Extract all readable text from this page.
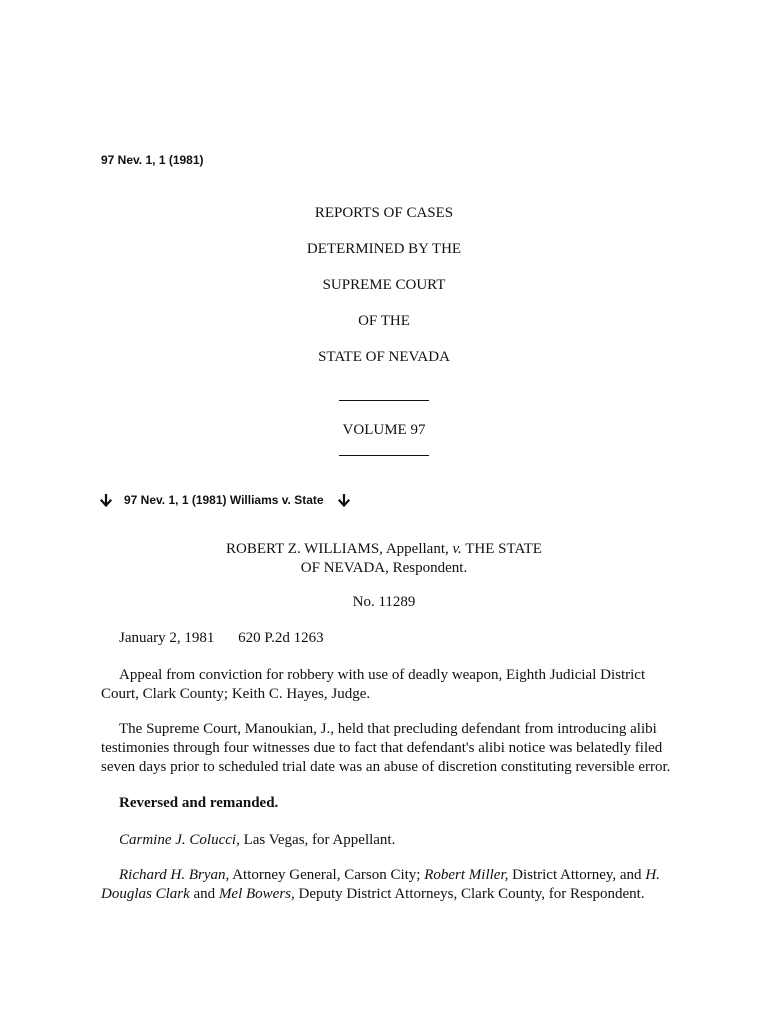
97 Nev. 1, 1 (1981)
REPORTS OF CASES
DETERMINED BY THE
SUPREME COURT
OF THE
STATE OF NEVADA
VOLUME 97
97 Nev. 1, 1 (1981) Williams v. State
ROBERT Z. WILLIAMS, Appellant, v. THE STATE
OF NEVADA, Respondent.
No. 11289
January 2, 1981 620 P.2d 1263
Appeal from conviction for robbery with use of deadly weapon, Eighth Judicial District Court, Clark County; Keith C. Hayes, Judge.
The Supreme Court, Manoukian, J., held that precluding defendant from introducing alibi testimonies through four witnesses due to fact that defendant's alibi notice was belatedly filed seven days prior to scheduled trial date was an abuse of discretion constituting reversible error.
Reversed and remanded.
Carmine J. Colucci, Las Vegas, for Appellant.
Richard H. Bryan, Attorney General, Carson City; Robert Miller, District Attorney, and H. Douglas Clark and Mel Bowers, Deputy District Attorneys, Clark County, for Respondent.
